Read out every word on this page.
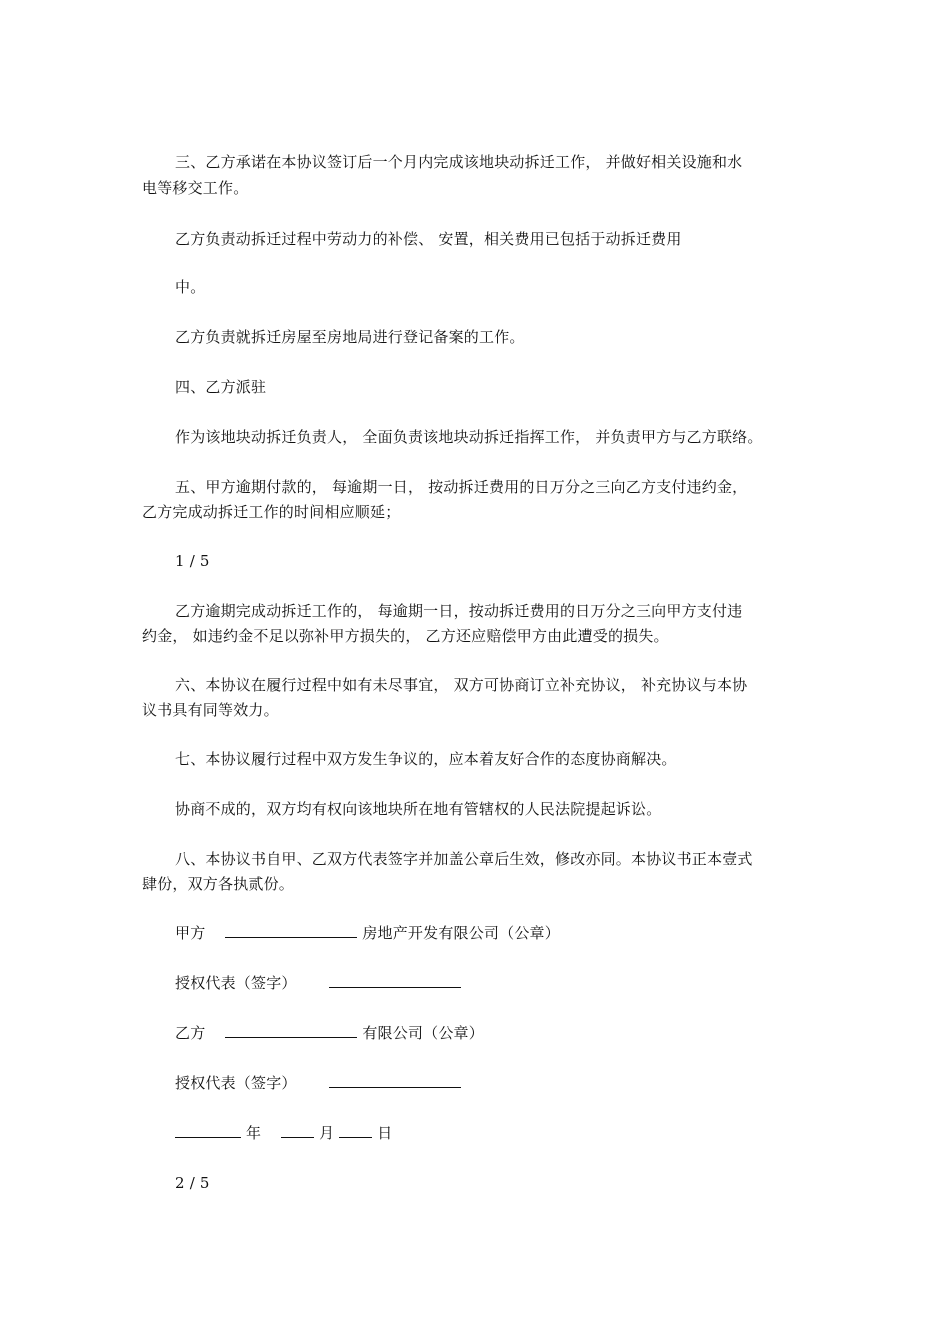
三、乙方承诺在本协议签订后一个月内完成该地块动拆迁工作， 并做好相关设施和水
电等移交工作。
乙方负责动拆迁过程中劳动力的补偿、 安置，相关费用已包括于动拆迁费用
中。
乙方负责就拆迁房屋至房地局进行登记备案的工作。
四、乙方派驻
作为该地块动拆迁负责人， 全面负责该地块动拆迁指挥工作， 并负责甲方与乙方联络。
五、甲方逾期付款的， 每逾期一日， 按动拆迁费用的日万分之三向乙方支付违约金，
乙方完成动拆迁工作的时间相应顺延；
1 / 5
乙方逾期完成动拆迁工作的， 每逾期一日，按动拆迁费用的日万分之三向甲方支付违
约金， 如违约金不足以弥补甲方损失的， 乙方还应赔偿甲方由此遭受的损失。
六、本协议在履行过程中如有未尽事宜， 双方可协商订立补充协议， 补充协议与本协
议书具有同等效力。
七、本协议履行过程中双方发生争议的，应本着友好合作的态度协商解决。
协商不成的，双方均有权向该地块所在地有管辖权的人民法院提起诉讼。
八、本协议书自甲、乙双方代表签字并加盖公章后生效，修改亦同。本协议书正本壹式
肆份，双方各执贰份。
甲方	房地产开发有限公司（公章）
授权代表（签字）
乙方	有限公司（公章）
授权代表（签字）
年	月	日
2 / 5
